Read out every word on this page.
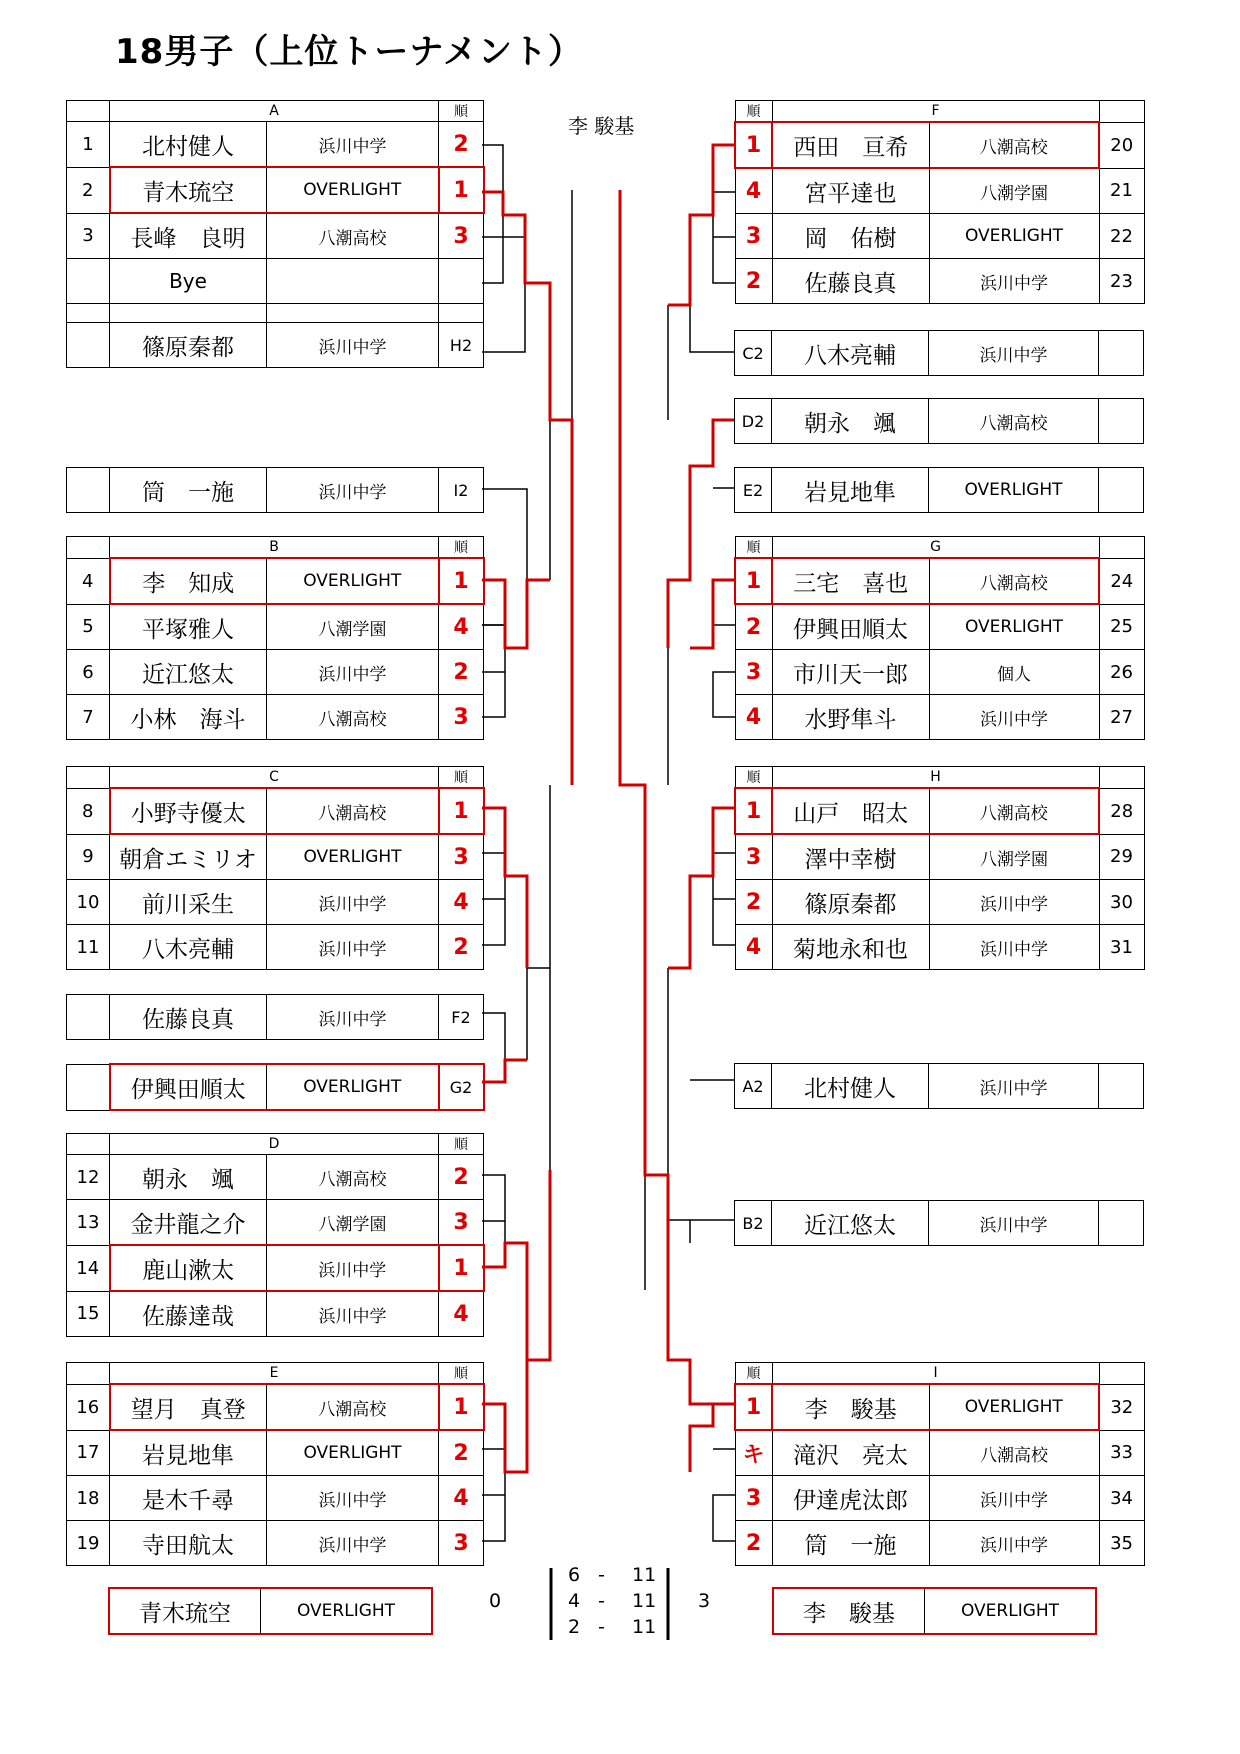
18男子（上位トーナメント）
李 駿基
	A		順
1	北村健人	浜川中学	2
2	青木琉空	OVERLIGHT	1
3	長峰　良明	八潮高校	3
	Bye		

	篠原秦都	浜川中学	H2
	筒　一施	浜川中学	I2
	B		順
4	李　知成	OVERLIGHT	1
5	平塚雅人	八潮学園	4
6	近江悠太	浜川中学	2
7	小林　海斗	八潮高校	3
	C		順
8	小野寺優太	八潮高校	1
9	朝倉エミリオ	OVERLIGHT	3
10	前川采生	浜川中学	4
11	八木亮輔	浜川中学	2
	佐藤良真	浜川中学	F2
	伊興田順太	OVERLIGHT	G2
	D		順
12	朝永　颯	八潮高校	2
13	金井龍之介	八潮学園	3
14	鹿山漱太	浜川中学	1
15	佐藤達哉	浜川中学	4
	E		順
16	望月　真登	八潮高校	1
17	岩見地隼	OVERLIGHT	2
18	是木千尋	浜川中学	4
19	寺田航太	浜川中学	3
順	F		
1	西田　亘希	八潮高校	20
4	宮平達也	八潮学園	21
3	岡　佑樹	OVERLIGHT	22
2	佐藤良真	浜川中学	23
C2	八木亮輔	浜川中学	
D2	朝永　颯	八潮高校	
E2	岩見地隼	OVERLIGHT	
順	G		
1	三宅　喜也	八潮高校	24
2	伊興田順太	OVERLIGHT	25
3	市川天一郎	個人	26
4	水野隼斗	浜川中学	27
順	H		
1	山戸　昭太	八潮高校	28
3	澤中幸樹	八潮学園	29
2	篠原秦都	浜川中学	30
4	菊地永和也	浜川中学	31
A2	北村健人	浜川中学	
B2	近江悠太	浜川中学	
順	I		
1	李　駿基	OVERLIGHT	32
キ	滝沢　亮太	八潮高校	33
3	伊達虎汰郎	浜川中学	34
2	筒　一施	浜川中学	35
青木琉空	OVERLIGHT	李　駿基	OVERLIGHT
0	3
6 - 11
4 - 11
2 - 11
